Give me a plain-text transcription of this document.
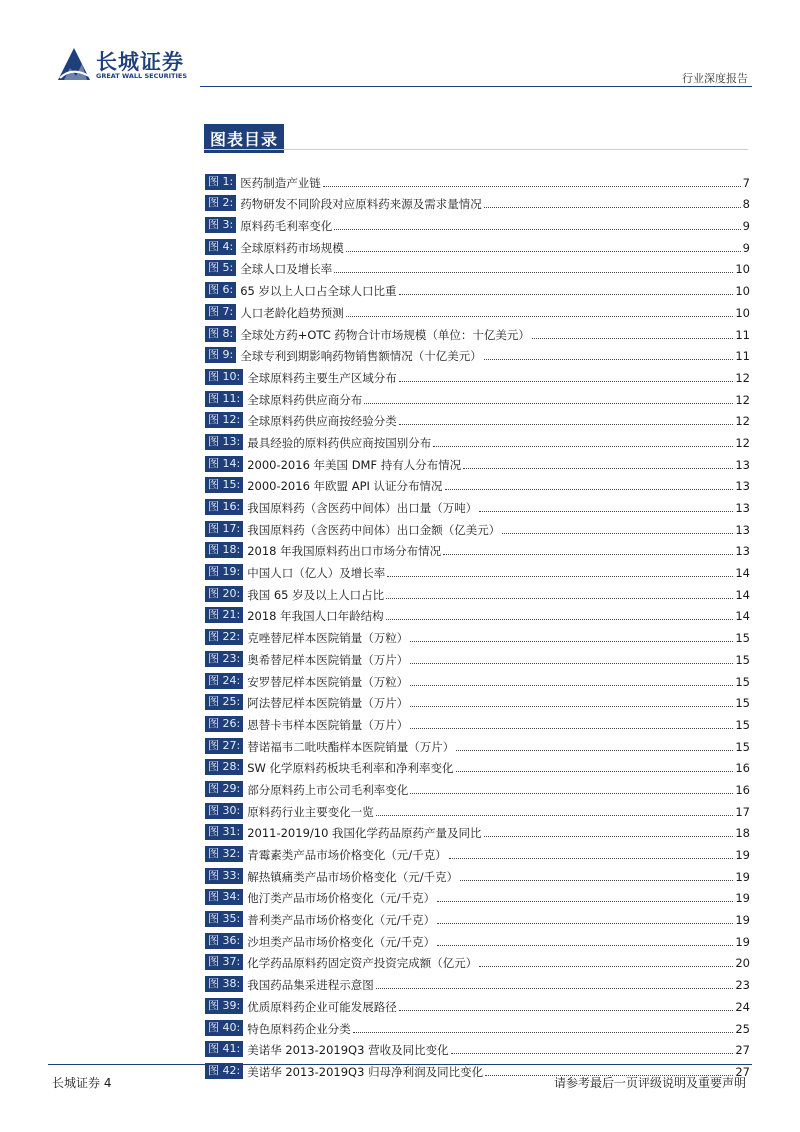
长城证券
GREAT WALL SECURITIES	行业深度报告
图表目录
图 1: 医药制造产业链	7
图 2: 药物研发不同阶段对应原料药来源及需求量情况	8
图 3: 原料药毛利率变化	9
图 4: 全球原料药市场规模	9
图 5: 全球人口及增长率	10
图 6: 65 岁以上人口占全球人口比重	10
图 7: 人口老龄化趋势预测	10
图 8: 全球处方药+OTC 药物合计市场规模（单位：十亿美元）	11
图 9: 全球专利到期影响药物销售额情况（十亿美元）	11
图 10: 全球原料药主要生产区域分布	12
图 11: 全球原料药供应商分布	12
图 12: 全球原料药供应商按经验分类	12
图 13: 最具经验的原料药供应商按国别分布	12
图 14: 2000-2016 年美国 DMF 持有人分布情况	13
图 15: 2000-2016 年欧盟 API 认证分布情况	13
图 16: 我国原料药（含医药中间体）出口量（万吨）	13
图 17: 我国原料药（含医药中间体）出口金额（亿美元）	13
图 18: 2018 年我国原料药出口市场分布情况	13
图 19: 中国人口（亿人）及增长率	14
图 20: 我国 65 岁及以上人口占比	14
图 21: 2018 年我国人口年龄结构	14
图 22: 克唑替尼样本医院销量（万粒）	15
图 23: 奥希替尼样本医院销量（万片）	15
图 24: 安罗替尼样本医院销量（万粒）	15
图 25: 阿法替尼样本医院销量（万片）	15
图 26: 恩替卡韦样本医院销量（万片）	15
图 27: 替诺福韦二吡呋酯样本医院销量（万片）	15
图 28: SW 化学原料药板块毛利率和净利率变化	16
图 29: 部分原料药上市公司毛利率变化	16
图 30: 原料药行业主要变化一览	17
图 31: 2011-2019/10 我国化学药品原药产量及同比	18
图 32: 青霉素类产品市场价格变化（元/千克）	19
图 33: 解热镇痛类产品市场价格变化（元/千克）	19
图 34: 他汀类产品市场价格变化（元/千克）	19
图 35: 普利类产品市场价格变化（元/千克）	19
图 36: 沙坦类产品市场价格变化（元/千克）	19
图 37: 化学药品原料药固定资产投资完成额（亿元）	20
图 38: 我国药品集采进程示意图	23
图 39: 优质原料药企业可能发展路径	24
图 40: 特色原料药企业分类	25
图 41: 美诺华 2013-2019Q3 营收及同比变化	27
图 42: 美诺华 2013-2019Q3 归母净利润及同比变化	27
长城证券 4	请参考最后一页评级说明及重要声明
